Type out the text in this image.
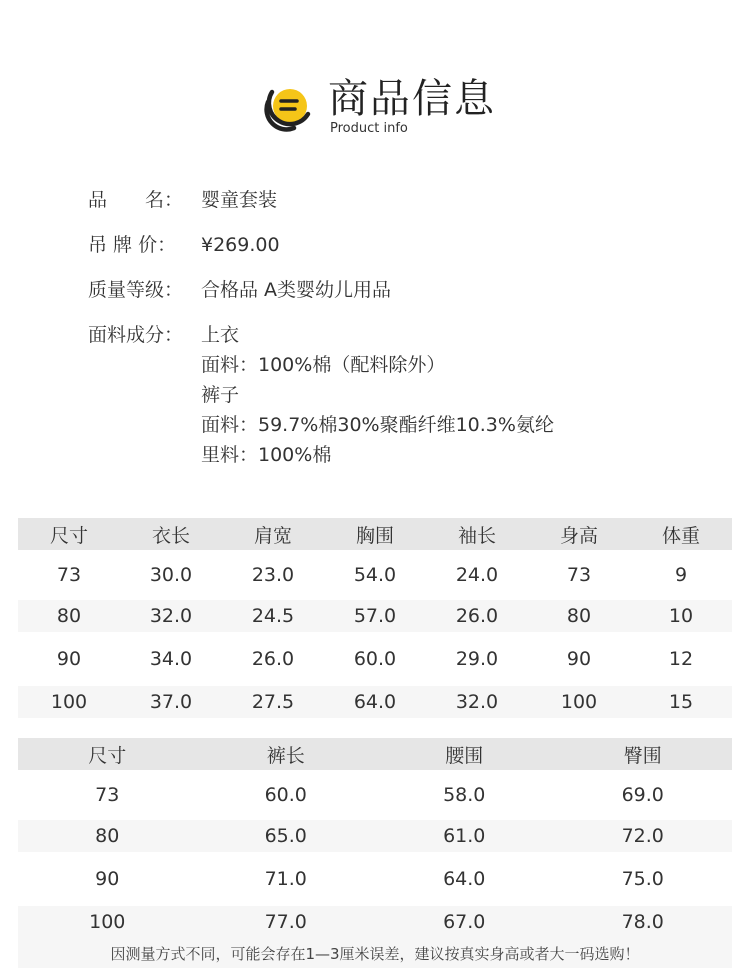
商品信息
Product info
品　　名： 婴童套装
吊 牌 价：	¥269.00
质量等级： 合格品 A类婴幼儿用品
面料成分： 上衣
面料：100%棉（配料除外）
裤子
面料：59.7%棉30%聚酯纤维10.3%氨纶
里料：100%棉
尺寸	衣长	肩宽	胸围	袖长	身高	体重
73	30.0	23.0	54.0	24.0	73	9
80	32.0	24.5	57.0	26.0	80	10
90	34.0	26.0	60.0	29.0	90	12
100	37.0	27.5	64.0	32.0	100	15
尺寸	裤长	腰围	臀围
73	60.0	58.0	69.0
80	65.0	61.0	72.0
90	71.0	64.0	75.0
100	77.0	67.0	78.0
因测量方式不同，可能会存在1—3厘米误差，建议按真实身高或者大一码选购！			
